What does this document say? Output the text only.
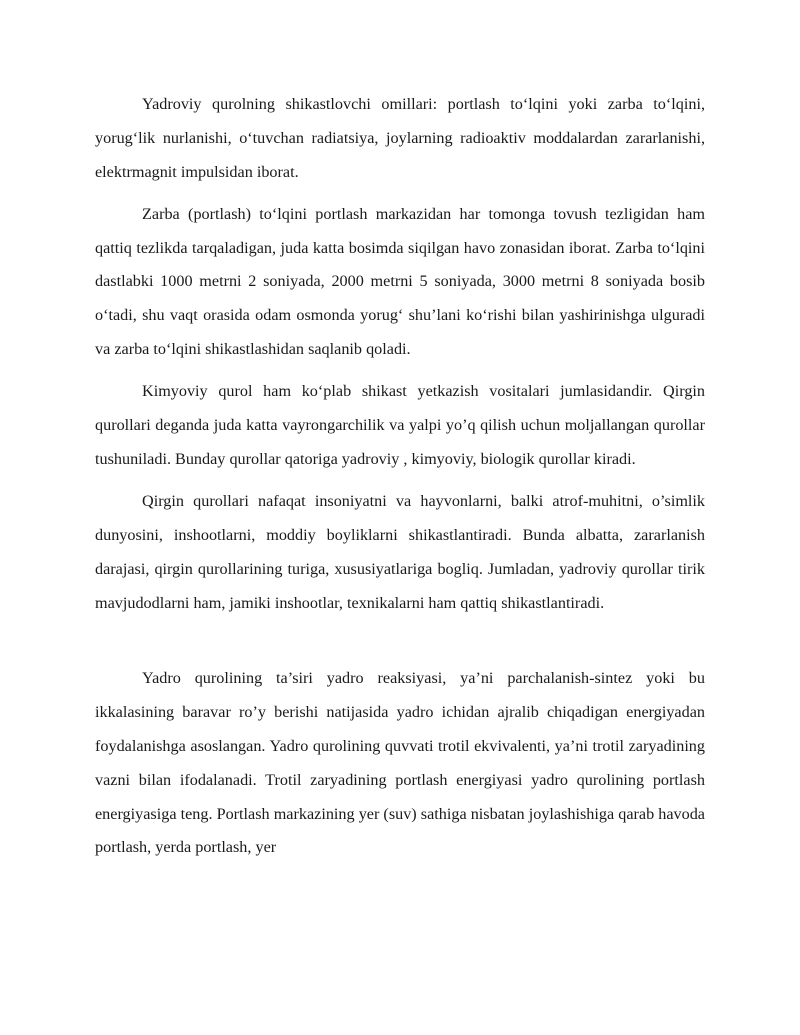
Yadroviy qurolning shikastlovchi omillari: portlash to‘lqini yoki zarba to‘lqini, yorug‘lik nurlanishi, o‘tuvchan radiatsiya, joylarning radioaktiv moddalardan zararlanishi, elektrmagnit impulsidan iborat.

Zarba (portlash) to‘lqini portlash markazidan har tomonga tovush tezligidan ham qattiq tezlikda tarqaladigan, juda katta bosimda siqilgan havo zonasidan iborat. Zarba to‘lqini dastlabki 1000 metrni 2 soniyada, 2000 metrni 5 soniyada, 3000 metrni 8 soniyada bosib o‘tadi, shu vaqt orasida odam osmonda yorug‘ shu’lani ko‘rishi bilan yashirinishga ulguradi va zarba to‘lqini shikastlashidan saqlanib qoladi.

Kimyoviy qurol ham ko‘plab shikast yetkazish vositalari jumlasidandir. Qirgin qurollari deganda juda katta vayrongarchilik va yalpi yo’q qilish uchun moljallangan qurollar tushuniladi. Bunday qurollar qatoriga yadroviy , kimyoviy, biologik qurollar kiradi.

Qirgin qurollari nafaqat insoniyatni va hayvonlarni, balki atrof-muhitni, o’simlik dunyosini, inshootlarni, moddiy boyliklarni shikastlantiradi. Bunda albatta, zararlanish darajasi, qirgin qurollarining turiga, xususiyatlariga bogliq. Jumladan, yadroviy qurollar tirik mavjudodlarni ham, jamiki inshootlar, texnikalarni ham qattiq shikastlantiradi.

Yadro qurolining ta’siri yadro reaksiyasi, ya’ni parchalanish-sintez yoki bu ikkalasining baravar ro’y berishi natijasida yadro ichidan ajralib chiqadigan energiyadan foydalanishga asoslangan. Yadro qurolining quvvati trotil ekvivalenti, ya’ni trotil zaryadining vazni bilan ifodalanadi. Trotil zaryadining portlash energiyasi yadro qurolining portlash energiyasiga teng. Portlash markazining yer (suv) sathiga nisbatan joylashishiga qarab havoda portlash, yerda portlash, yer
